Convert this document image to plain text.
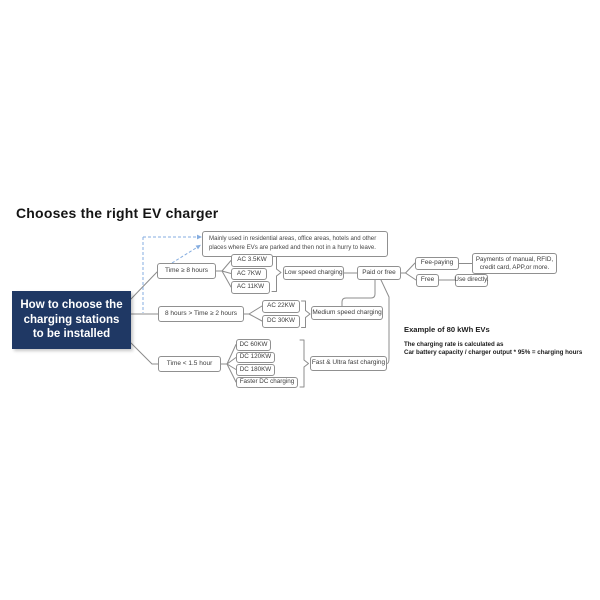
Chooses the right EV charger
Mainly used in residential areas, office areas, hotels and other
places where EVs are parked and then not in a hurry to leave.
How to choose the
charging stations
to be installed
Time ≥ 8 hours
AC 3.5KW
AC 7KW
AC 11KW
Low speed charging	Paid or free
Fee-paying
Free
Payments of manual, RFID,
credit card, APP,or more.
Use directly.
8 hours > Time ≥ 2 hours
AC 22KW
DC 30KW
Medium speed charging
Time < 1.5 hour
DC 60KW
DC 120KW
DC 180KW
Faster DC charging
Fast & Ultra fast charging
Example of 80 kWh EVs
The charging rate is calculated as
Car battery capacity / charger output * 95% = charging hours
